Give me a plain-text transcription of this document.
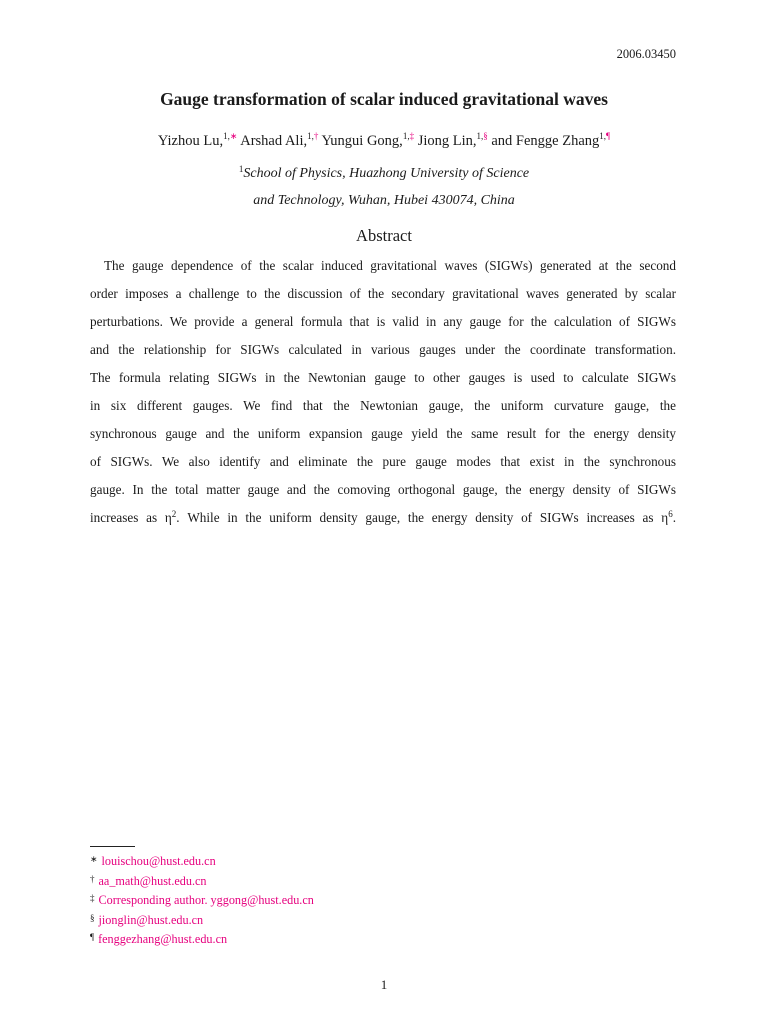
2006.03450
Gauge transformation of scalar induced gravitational waves
Yizhou Lu,$^{1,∗}$ Arshad Ali,$^{1,\dagger}$ Yungui Gong,$^{1,\ddagger}$ Jiong Lin,$^{1,\S}$ and Fengge Zhang$^{1,\P}$
$^1$School of Physics, Huazhong University of Science
and Technology, Wuhan, Hubei 430074, China
Abstract
The gauge dependence of the scalar induced gravitational waves (SIGWs) generated at the second
order imposes a challenge to the discussion of the secondary gravitational waves generated by scalar
perturbations. We provide a general formula that is valid in any gauge for the calculation of SIGWs
and the relationship for SIGWs calculated in various gauges under the coordinate transformation.
The formula relating SIGWs in the Newtonian gauge to other gauges is used to calculate SIGWs
in six different gauges. We find that the Newtonian gauge, the uniform curvature gauge, the
synchronous gauge and the uniform expansion gauge yield the same result for the energy density
of SIGWs. We also identify and eliminate the pure gauge modes that exist in the synchronous
gauge. In the total matter gauge and the comoving orthogonal gauge, the energy density of SIGWs
increases as $\eta^2$. While in the uniform density gauge, the energy density of SIGWs increases as $\eta^6$.
∗ louischou@hust.edu.cn
† aa_math@hust.edu.cn
‡ Corresponding author. yggong@hust.edu.cn
§ jionglin@hust.edu.cn
¶ fenggezhang@hust.edu.cn
1
